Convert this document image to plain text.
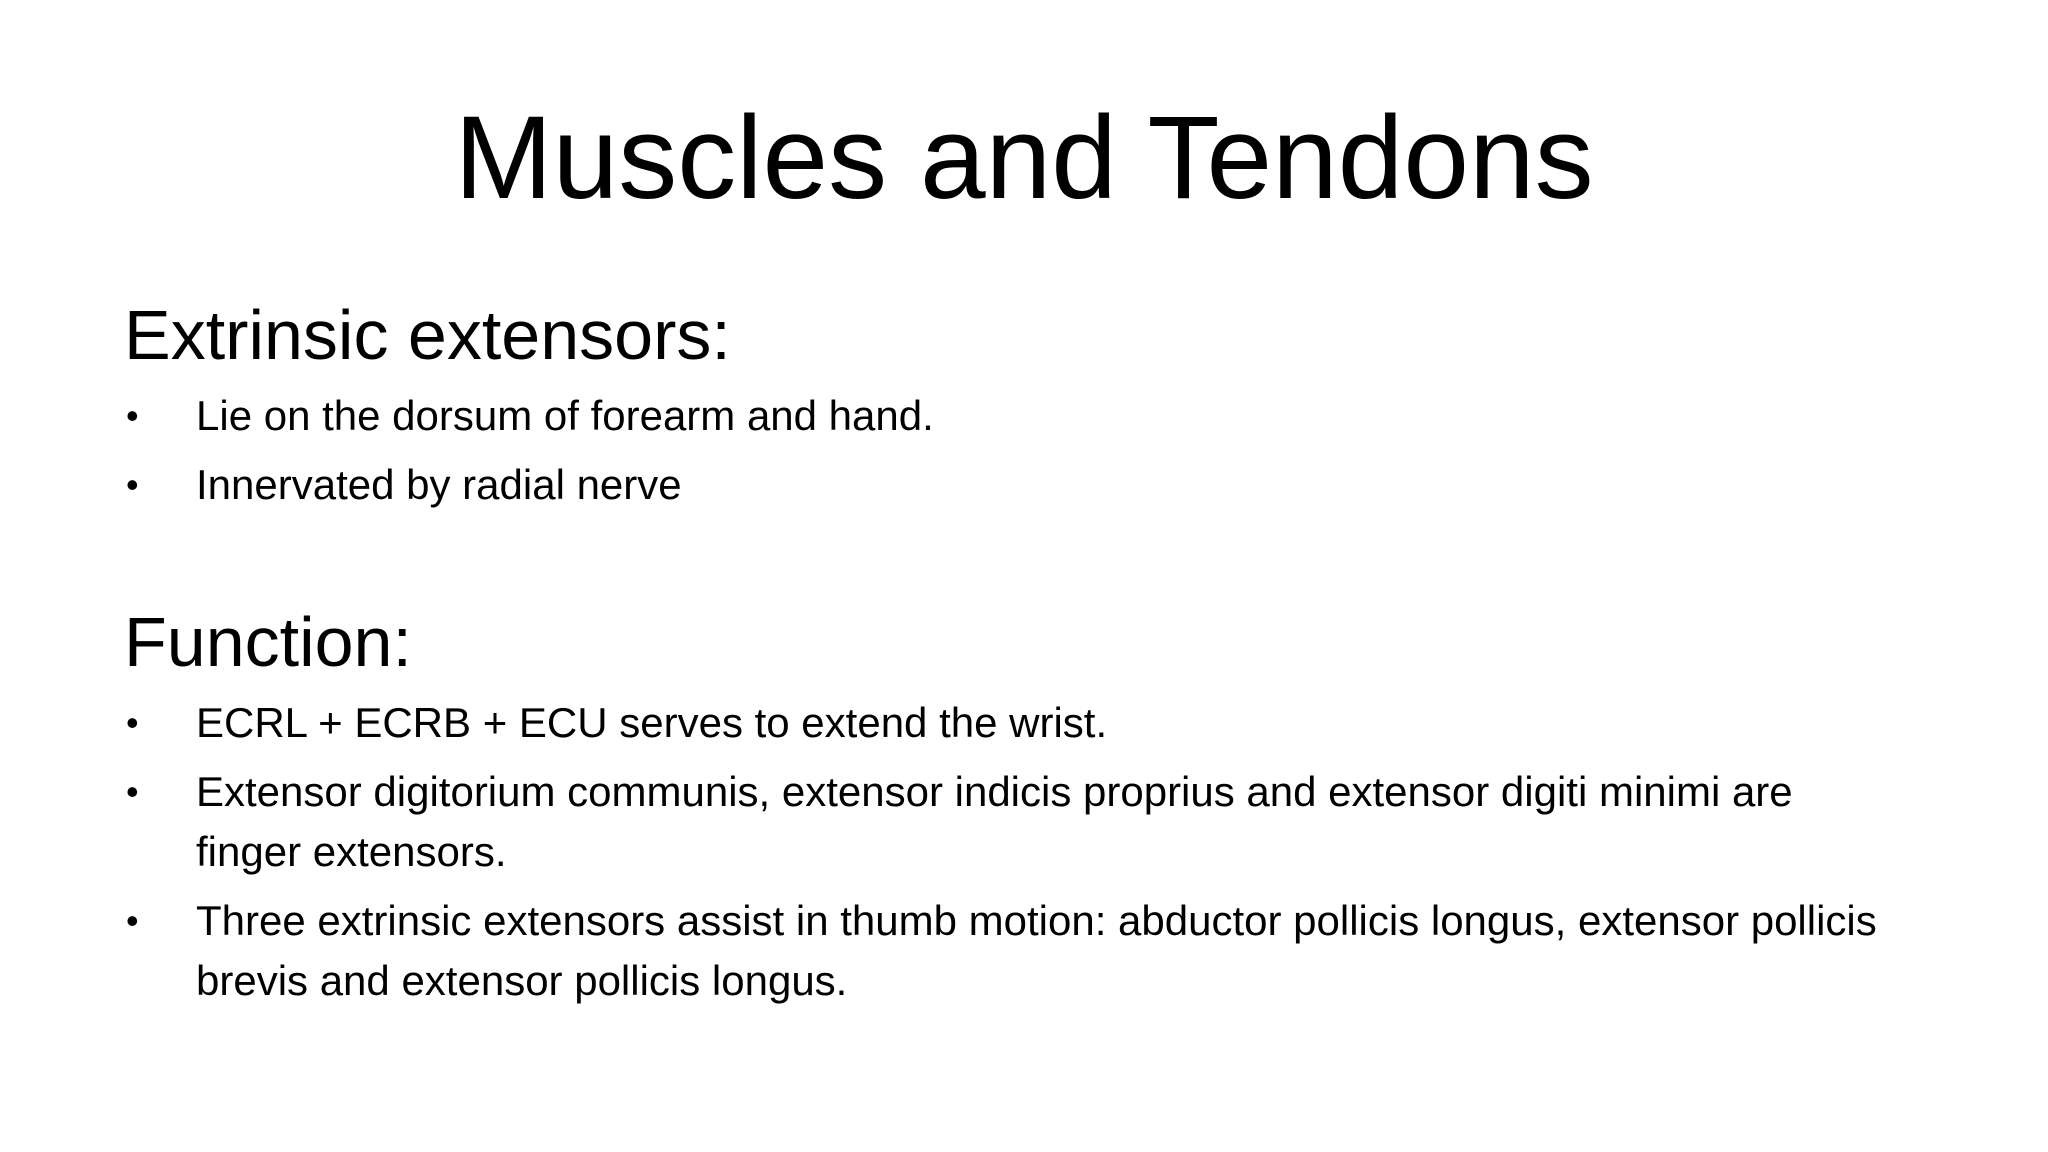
Muscles and Tendons
Extrinsic extensors:
• Lie on the dorsum of forearm and hand.
• Innervated by radial nerve
Function:
• ECRL + ECRB + ECU serves to extend the wrist.
• Extensor digitorium communis, extensor indicis proprius and extensor digiti minimi are finger extensors.
• Three extrinsic extensors assist in thumb motion: abductor pollicis longus, extensor pollicis brevis and extensor pollicis longus.
